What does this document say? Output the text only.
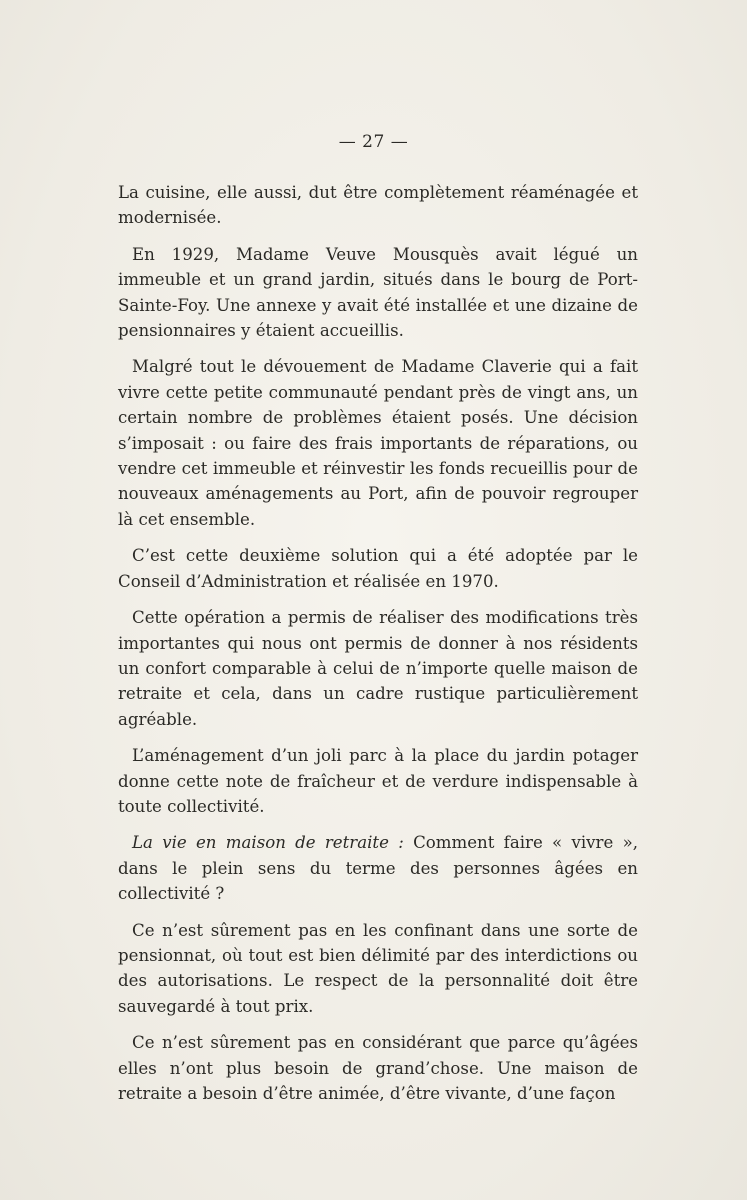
— 27 —

La cuisine, elle aussi, dut être complètement réaménagée et modernisée.

En 1929, Madame Veuve Mousquès avait légué un immeuble et un grand jardin, situés dans le bourg de Port-Sainte-Foy. Une annexe y avait été installée et une dizaine de pensionnaires y étaient accueillis.

Malgré tout le dévouement de Madame Claverie qui a fait vivre cette petite communauté pendant près de vingt ans, un certain nombre de problèmes étaient posés. Une décision s’imposait : ou faire des frais importants de réparations, ou vendre cet immeuble et réinvestir les fonds recueillis pour de nouveaux aménagements au Port, afin de pouvoir regrouper là cet ensemble.

C’est cette deuxième solution qui a été adoptée par le Conseil d’Administration et réalisée en 1970.

Cette opération a permis de réaliser des modifications très importantes qui nous ont permis de donner à nos résidents un confort comparable à celui de n’importe quelle maison de retraite et cela, dans un cadre rustique particulièrement agréable.

L’aménagement d’un joli parc à la place du jardin potager donne cette note de fraîcheur et de verdure indispensable à toute collectivité.

La vie en maison de retraite : Comment faire « vivre », dans le plein sens du terme des personnes âgées en collectivité ?

Ce n’est sûrement pas en les confinant dans une sorte de pensionnat, où tout est bien délimité par des interdictions ou des autorisations. Le respect de la personnalité doit être sauvegardé à tout prix.

Ce n’est sûrement pas en considérant que parce qu’âgées elles n’ont plus besoin de grand’chose. Une maison de retraite a besoin d’être animée, d’être vivante, d’une façon
